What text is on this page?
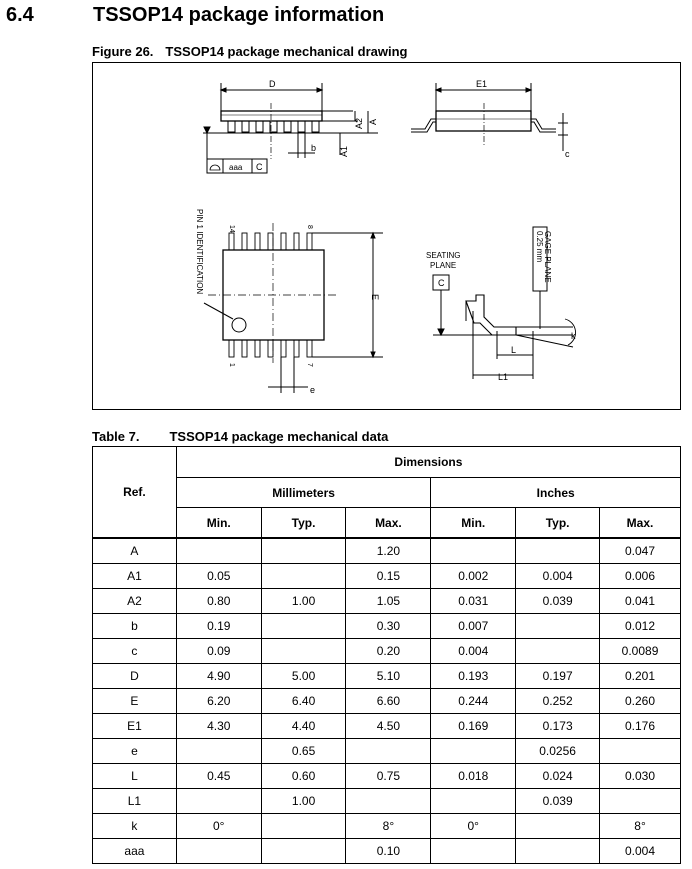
6.4	TSSOP14 package information
Figure 26. TSSOP14 package mechanical drawing
D
A
A2
A1
b
aaa C
E1
c
PIN 1 IDENTIFICATION	14	8
1	7
E
e
SEATING
PLANE
C
L
L1
0.25 mm GAGE PLANE
k
Table 7. TSSOP14 package mechanical data
Ref.	Dimensions					
	Millimeters			Inches		
	Min.	Typ.	Max.	Min.	Typ.	Max.
A			1.20			0.047
A1	0.05		0.15	0.002	0.004	0.006
A2	0.80	1.00	1.05	0.031	0.039	0.041
b	0.19		0.30	0.007		0.012
c	0.09		0.20	0.004		0.0089
D	4.90	5.00	5.10	0.193	0.197	0.201
E	6.20	6.40	6.60	0.244	0.252	0.260
E1	4.30	4.40	4.50	0.169	0.173	0.176
e		0.65			0.0256	
L	0.45	0.60	0.75	0.018	0.024	0.030
L1		1.00			0.039	
k	0°		8°	0°		8°
aaa			0.10			0.004
